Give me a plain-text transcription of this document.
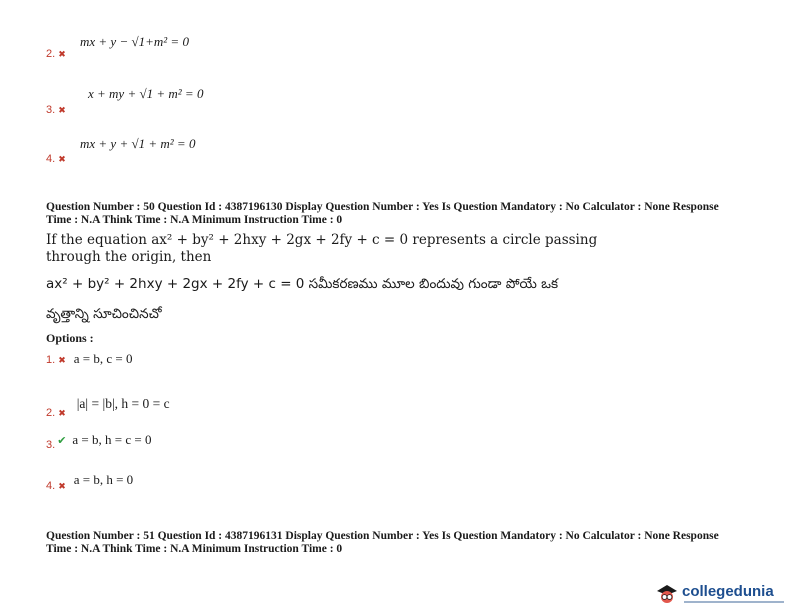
2. ✖
mx + y − √1+m² = 0
3. ✖
x + my + √1 + m² = 0
4. ✖
mx + y + √1 + m² = 0
Question Number : 50 Question Id : 4387196130 Display Question Number : Yes Is Question Mandatory : No Calculator : None Response
Time : N.A Think Time : N.A Minimum Instruction Time : 0
If the equation ax² + by² + 2hxy + 2gx + 2fy + c = 0 represents a circle passing
through the origin, then
ax² + by² + 2hxy + 2gx + 2fy + c = 0 సమీకరణము మూల బిందువు గుండా పోయే ఒక
వృత్తాన్ని సూచించినచో
Options :
1. ✖ a = b, c = 0
$_{2.}$ $_✖$ |a| = |b|, h = 0 = c
$_{3.}$ ✔ a = b, h = c = 0
$_{4.}$ $_✖$ a = b, h = 0
Question Number : 51 Question Id : 4387196131 Display Question Number : Yes Is Question Mandatory : No Calculator : None Response
Time : N.A Think Time : N.A Minimum Instruction Time : 0
collegedunia
